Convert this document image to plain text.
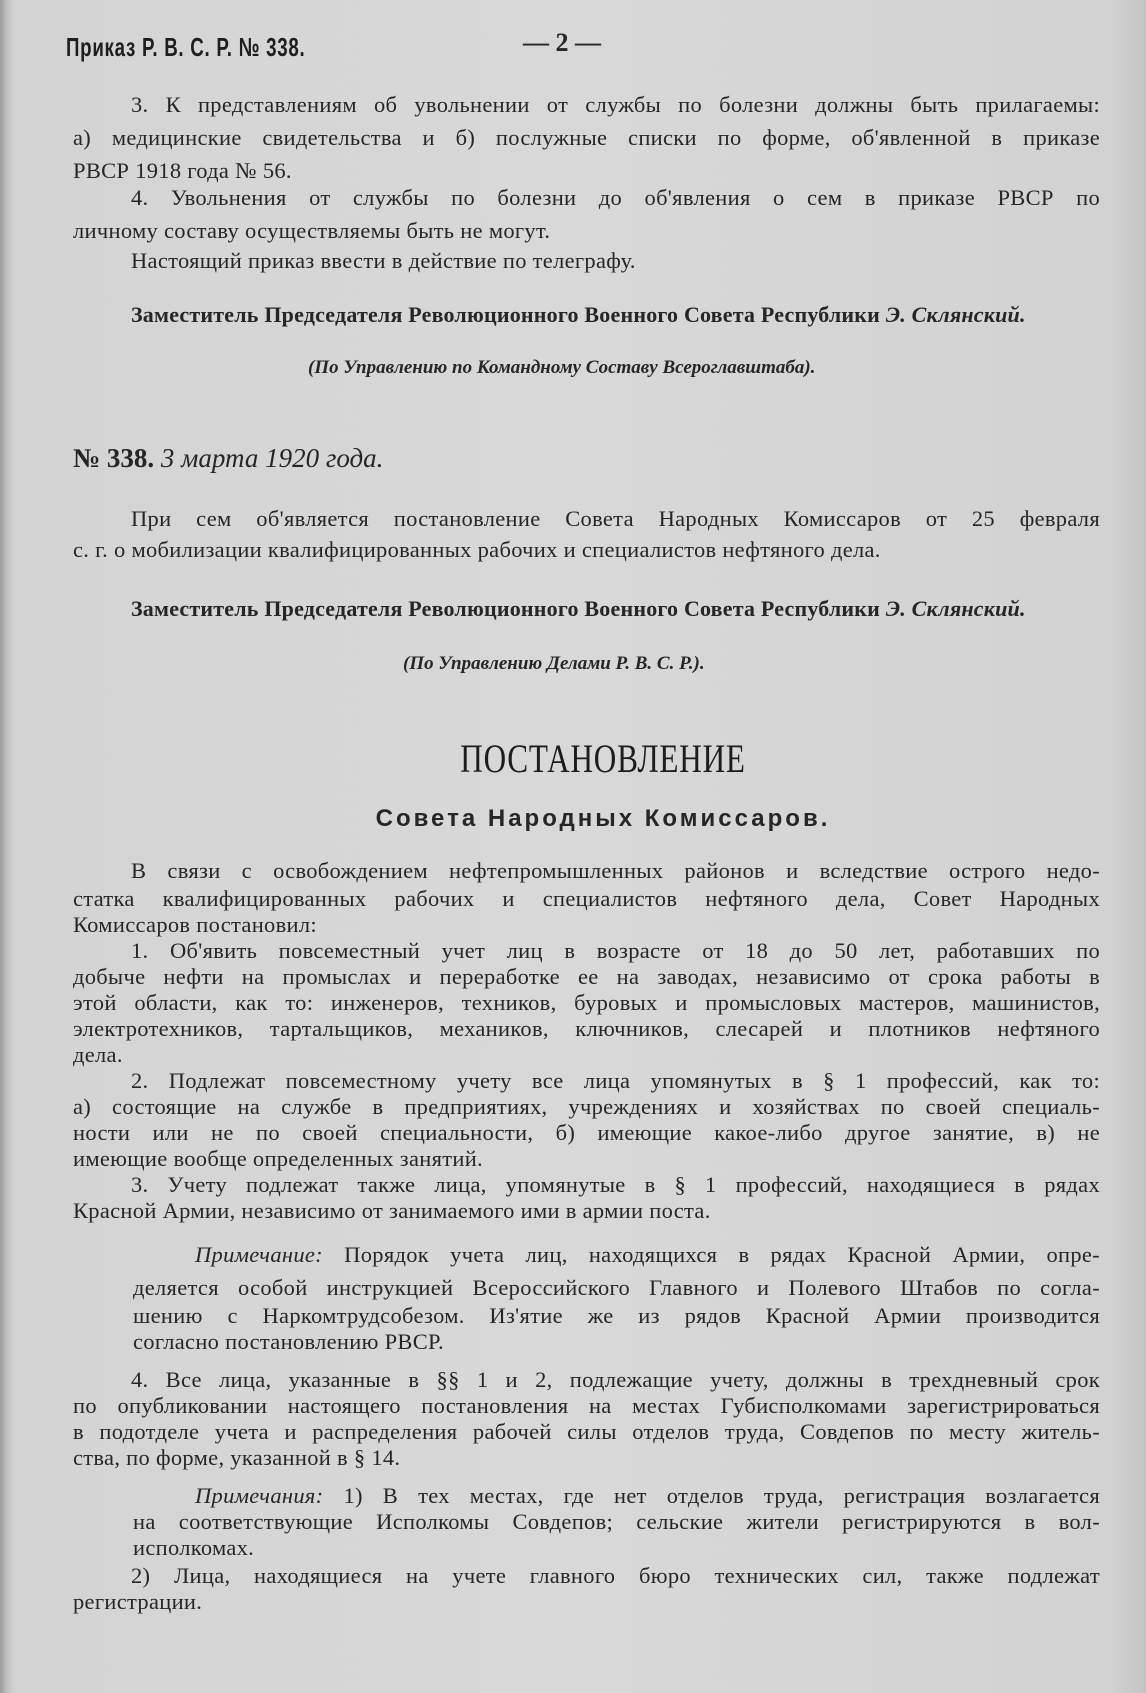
Приказ Р. В. С. Р. № 338.	— 2 —
3. К представлениям об увольнении от службы по болезни должны быть прилагаемы:
а) медицинские свидетельства и б) послужные списки по форме, об'явленной в приказе
РВСР 1918 года № 56.
4. Увольнения от службы по болезни до об'явления о сем в приказе РВСР по
личному составу осуществляемы быть не могут.
Настоящий приказ ввести в действие по телеграфу.
Заместитель Председателя Революционного Военного Совета Республики Э. Склянский.
(По Управлению по Командному Составу Всероглавштаба).
№ 338. 3 марта 1920 года.
При сем об'является постановление Совета Народных Комиссаров от 25 февраля
с. г. о мобилизации квалифицированных рабочих и специалистов нефтяного дела.
Заместитель Председателя Революционного Военного Совета Республики Э. Склянский.
(По Управлению Делами Р. В. С. Р.).
ПОСТАНОВЛЕНИЕ
Совета Народных Комиссаров.
В связи с освобождением нефтепромышленных районов и вследствие острого недо-
статка квалифицированных рабочих и специалистов нефтяного дела, Совет Народных
Комиссаров постановил:
1. Об'явить повсеместный учет лиц в возрасте от 18 до 50 лет, работавших по
добыче нефти на промыслах и переработке ее на заводах, независимо от срока работы в
этой области, как то: инженеров, техников, буровых и промысловых мастеров, машинистов,
электротехников, тартальщиков, механиков, ключников, слесарей и плотников нефтяного
дела.
2. Подлежат повсеместному учету все лица упомянутых в § 1 профессий, как то:
а) состоящие на службе в предприятиях, учреждениях и хозяйствах по своей специаль-
ности или не по своей специальности, б) имеющие какое-либо другое занятие, в) не
имеющие вообще определенных занятий.
3. Учету подлежат также лица, упомянутые в § 1 профессий, находящиеся в рядах
Красной Армии, независимо от занимаемого ими в армии поста.
Примечание: Порядок учета лиц, находящихся в рядах Красной Армии, опре-
деляется особой инструкцией Всероссийского Главного и Полевого Штабов по согла-
шению с Наркомтрудсобезом. Из'ятие же из рядов Красной Армии производится
согласно постановлению РВСР.
4. Все лица, указанные в §§ 1 и 2, подлежащие учету, должны в трехдневный срок
по опубликовании настоящего постановления на местах Губисполкомами зарегистрироваться
в подотделе учета и распределения рабочей силы отделов труда, Совдепов по месту житель-
ства, по форме, указанной в § 14.
Примечания: 1) В тех местах, где нет отделов труда, регистрация возлагается
на соответствующие Исполкомы Совдепов; сельские жители регистрируются в вол-
исполкомах.
2) Лица, находящиеся на учете главного бюро технических сил, также подлежат
регистрации.
